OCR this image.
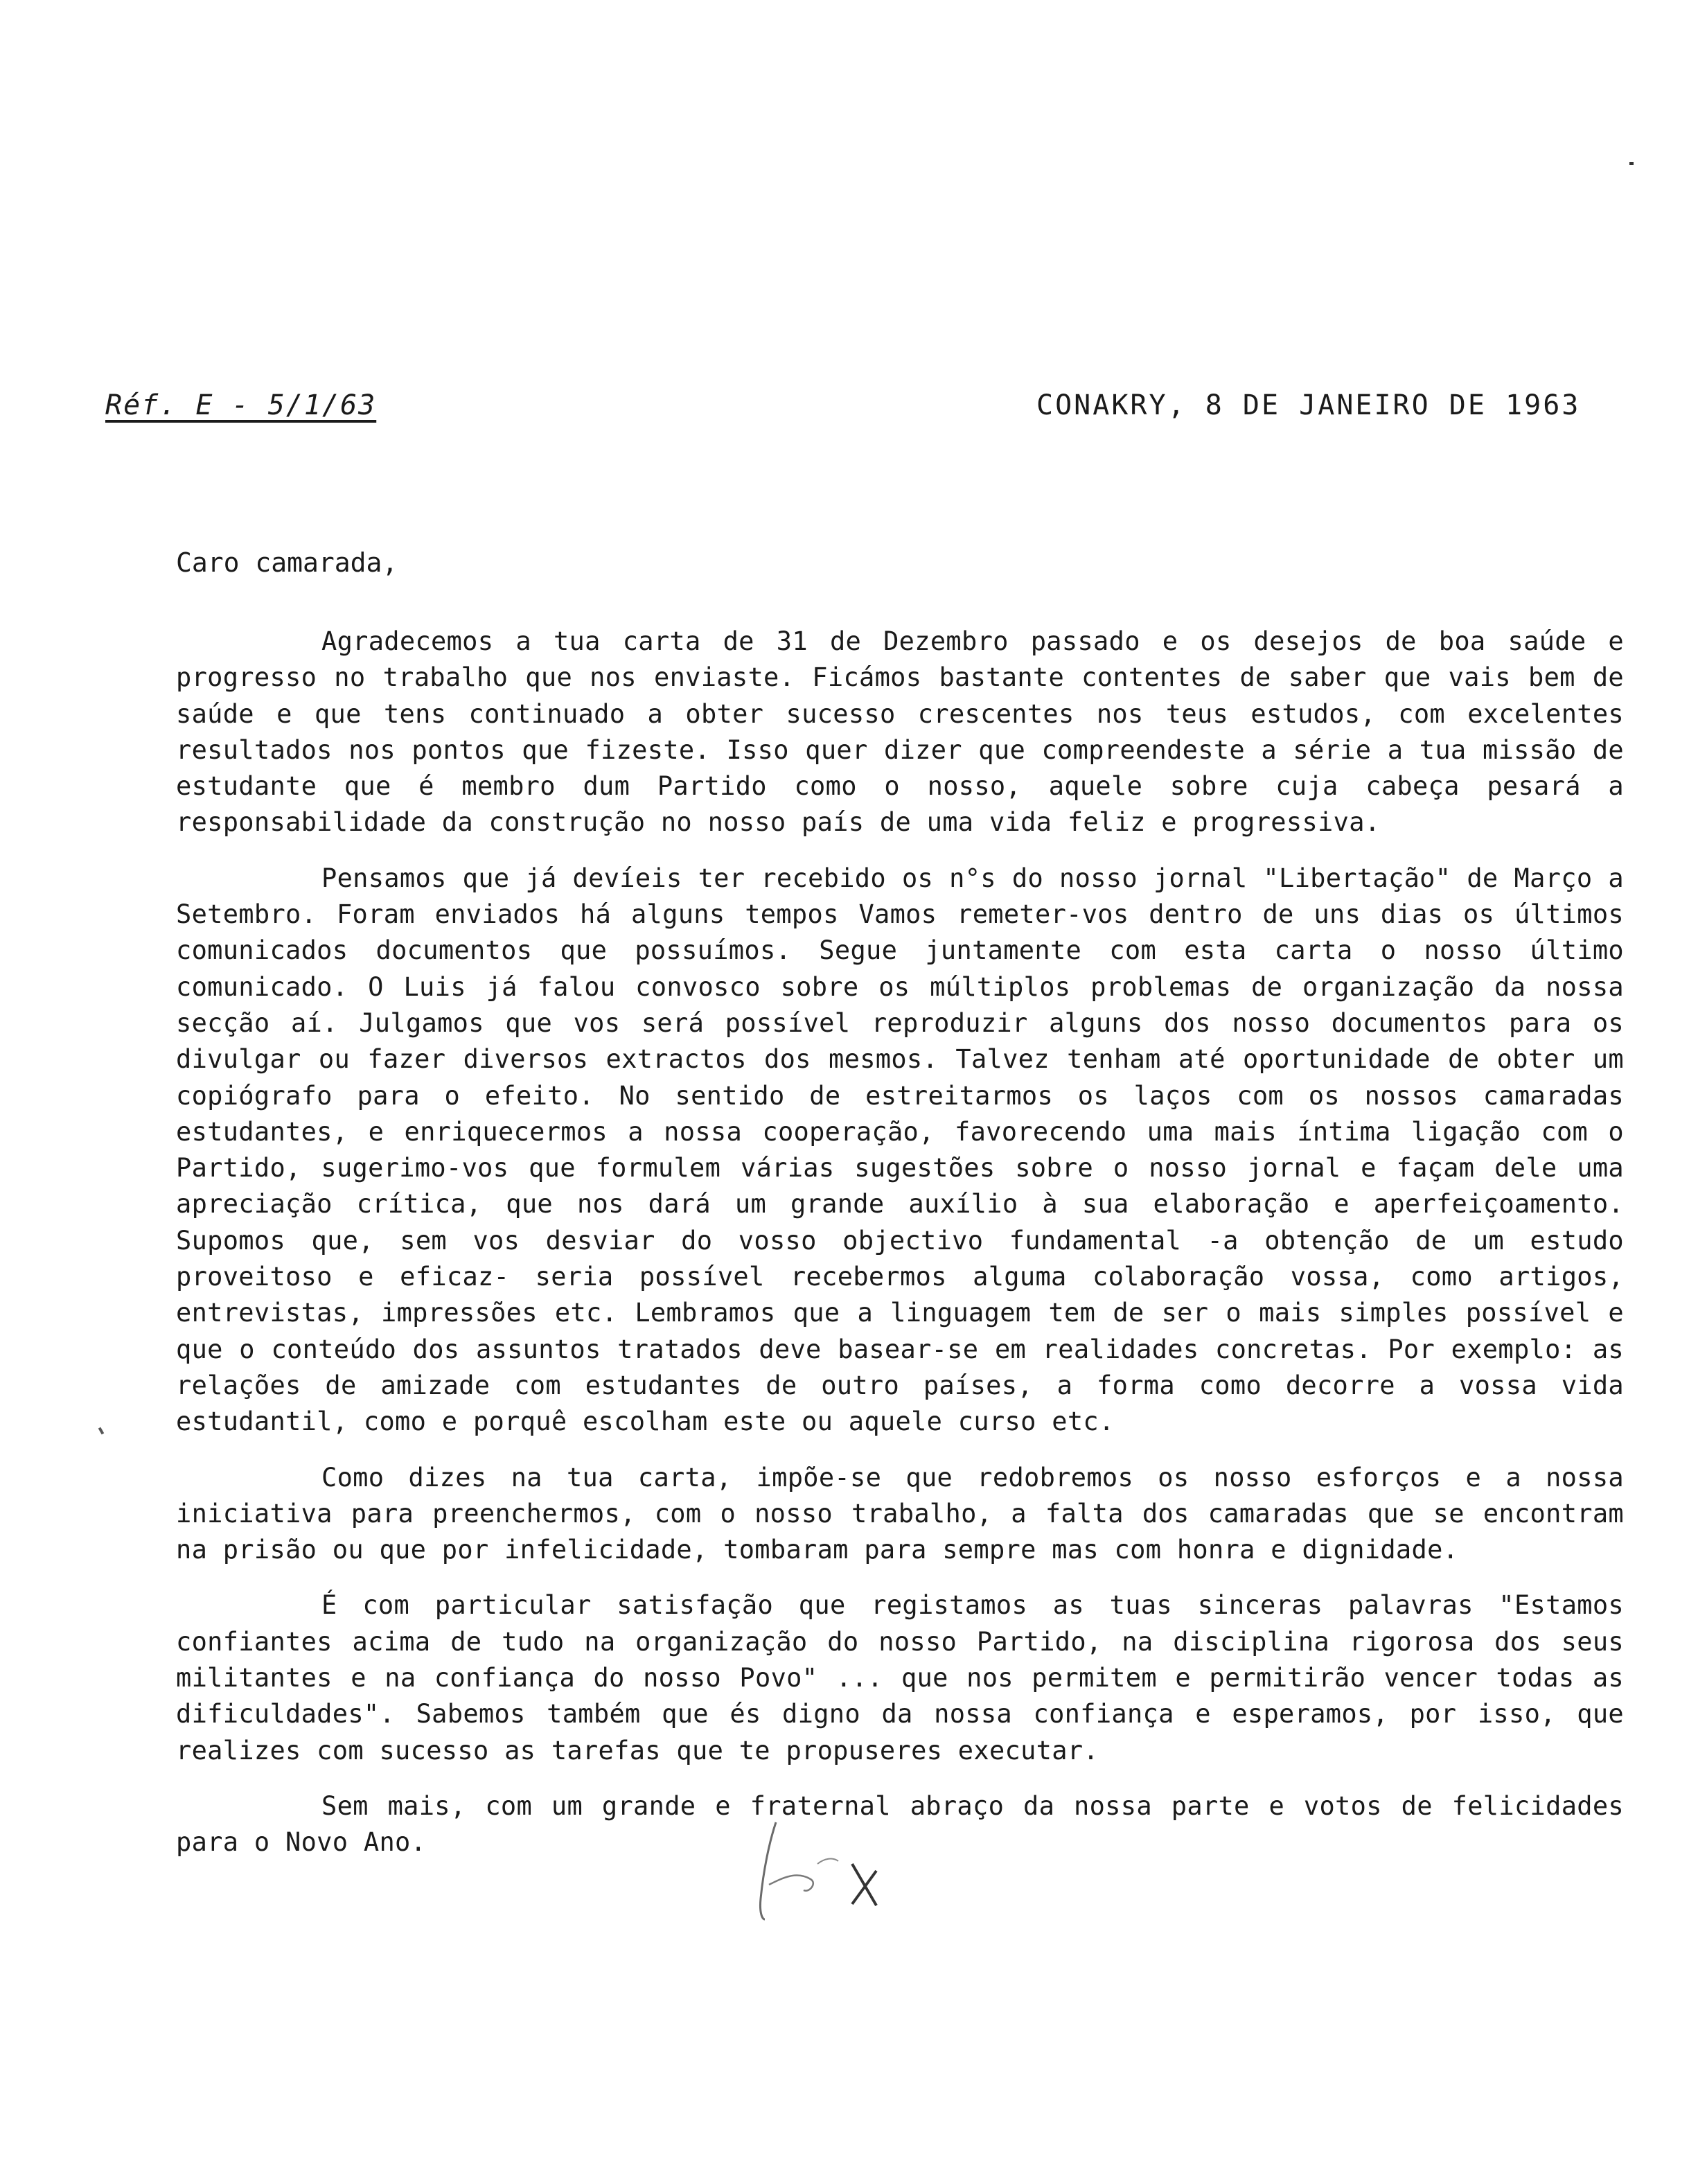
Réf. E - 5/1/63	CONAKRY, 8 DE JANEIRO DE 1963
Caro camarada,

Agradecemos a tua carta de 31 de Dezembro passado e os desejos de boa saúde e progresso no trabalho que nos enviaste. Ficámos bastante contentes de saber que vais bem de saúde e que tens continuado a obter sucesso crescentes nos teus estudos, com excelentes resultados nos pontos que fizeste. Isso quer dizer que compreendeste a série a tua missão de estudante que é membro dum Partido como o nosso, aquele sobre cuja cabeça pesará a responsabilidade da construção no nosso país de uma vida feliz e progressiva.

Pensamos que já devíeis ter recebido os n°s do nosso jornal "Libertação" de Março a Setembro. Foram enviados há alguns tempos Vamos remeter-vos dentro de uns dias os últimos comunicados documentos que possuímos. Segue juntamente com esta carta o nosso último comunicado. O Luis já falou convosco sobre os múltiplos problemas de organização da nossa secção aí. Julgamos que vos será possível reproduzir alguns dos nosso documentos para os divulgar ou fazer diversos extractos dos mesmos. Talvez tenham até oportunidade de obter um copiógrafo para o efeito. No sentido de estreitarmos os laços com os nossos camaradas estudantes, e enriquecermos a nossa cooperação, favorecendo uma mais íntima ligação com o Partido, sugerimo-vos que formulem várias sugestões sobre o nosso jornal e façam dele uma apreciação crítica, que nos dará um grande auxílio à sua elaboração e aperfeiçoamento. Supomos que, sem vos desviar do vosso objectivo fundamental -a obtenção de um estudo proveitoso e eficaz- seria possível recebermos alguma colaboração vossa, como artigos, entrevistas, impressões etc. Lembramos que a linguagem tem de ser o mais simples possível e que o conteúdo dos assuntos tratados deve basear-se em realidades concretas. Por exemplo: as relações de amizade com estudantes de outro países, a forma como decorre a vossa vida estudantil, como e porquê escolham este ou aquele curso etc.

Como dizes na tua carta, impõe-se que redobremos os nosso esforços e a nossa iniciativa para preenchermos, com o nosso trabalho, a falta dos camaradas que se encontram na prisão ou que por infelicidade, tombaram para sempre mas com honra e dignidade.

É com particular satisfação que registamos as tuas sinceras palavras "Estamos confiantes acima de tudo na organização do nosso Partido, na disciplina rigorosa dos seus militantes e na confiança do nosso Povo" ... que nos permitem e permitirão vencer todas as dificuldades". Sabemos também que és digno da nossa confiança e esperamos, por isso, que realizes com sucesso as tarefas que te propuseres executar.

Sem mais, com um grande e fraternal abraço da nossa parte e votos de felicidades para o Novo Ano.
